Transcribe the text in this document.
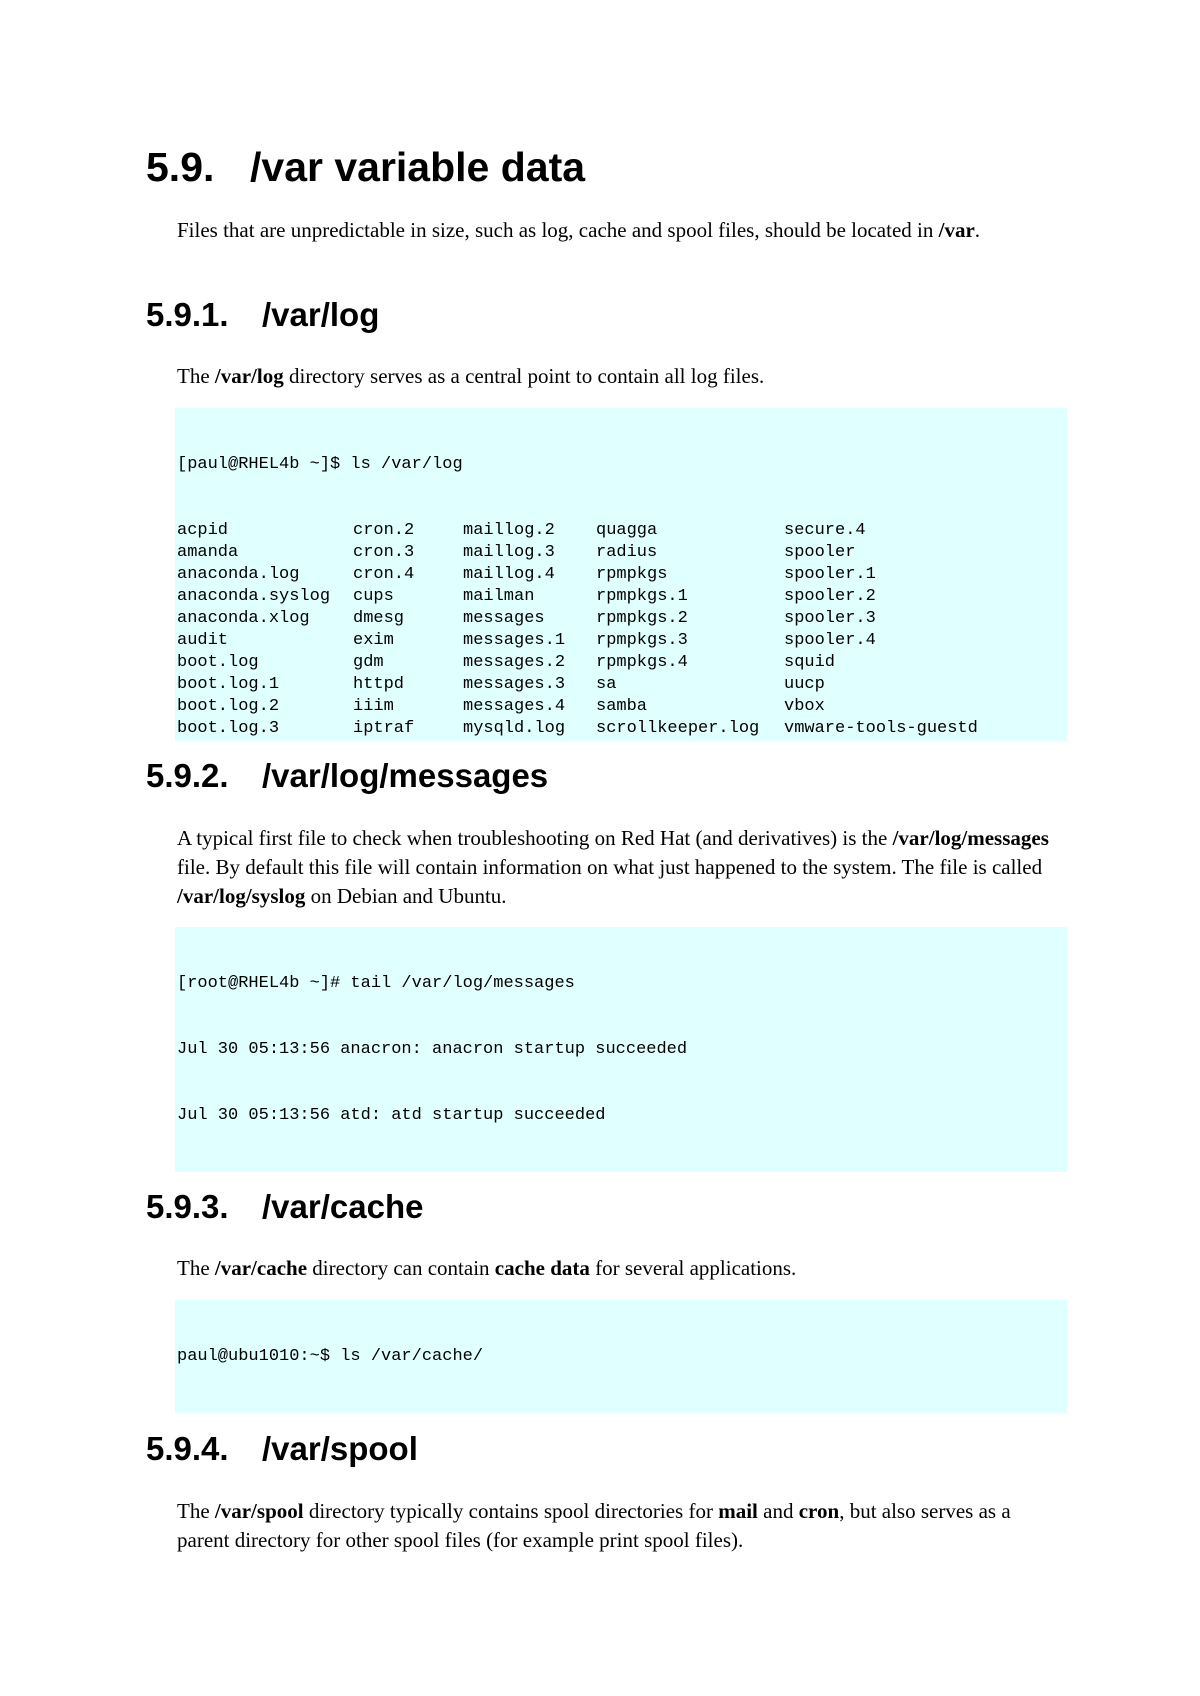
5.9. /var variable data

Files that are unpredictable in size, such as log, cache and spool files, should be located in /var.

5.9.1. /var/log

The /var/log directory serves as a central point to contain all log files.

[paul@RHEL4b ~]$ ls /var/log

acpid
amanda
anaconda.log
anaconda.syslog
anaconda.xlog
audit
boot.log
boot.log.1
boot.log.2
boot.log.3
cron.2
cron.3
cron.4
cups
dmesg
exim
gdm
httpd
iiim
iptraf
maillog.2
maillog.3
maillog.4
mailman
messages
messages.1
messages.2
messages.3
messages.4
mysqld.log
quagga
radius
rpmpkgs
rpmpkgs.1
rpmpkgs.2
rpmpkgs.3
rpmpkgs.4
sa
samba
scrollkeeper.log
secure.4
spooler
spooler.1
spooler.2
spooler.3
spooler.4
squid
uucp
vbox
vmware-tools-guestd

5.9.2. /var/log/messages

A typical first file to check when troubleshooting on Red Hat (and derivatives) is the /var/log/messages file. By default this file will contain information on what just happened to the system. The file is called /var/log/syslog on Debian and Ubuntu.

[root@RHEL4b ~]# tail /var/log/messages

Jul 30 05:13:56 anacron: anacron startup succeeded

Jul 30 05:13:56 atd: atd startup succeeded

5.9.3. /var/cache

The /var/cache directory can contain cache data for several applications.

paul@ubu1010:~$ ls /var/cache/

5.9.4. /var/spool

The /var/spool directory typically contains spool directories for mail and cron, but also serves as a parent directory for other spool files (for example print spool files).
